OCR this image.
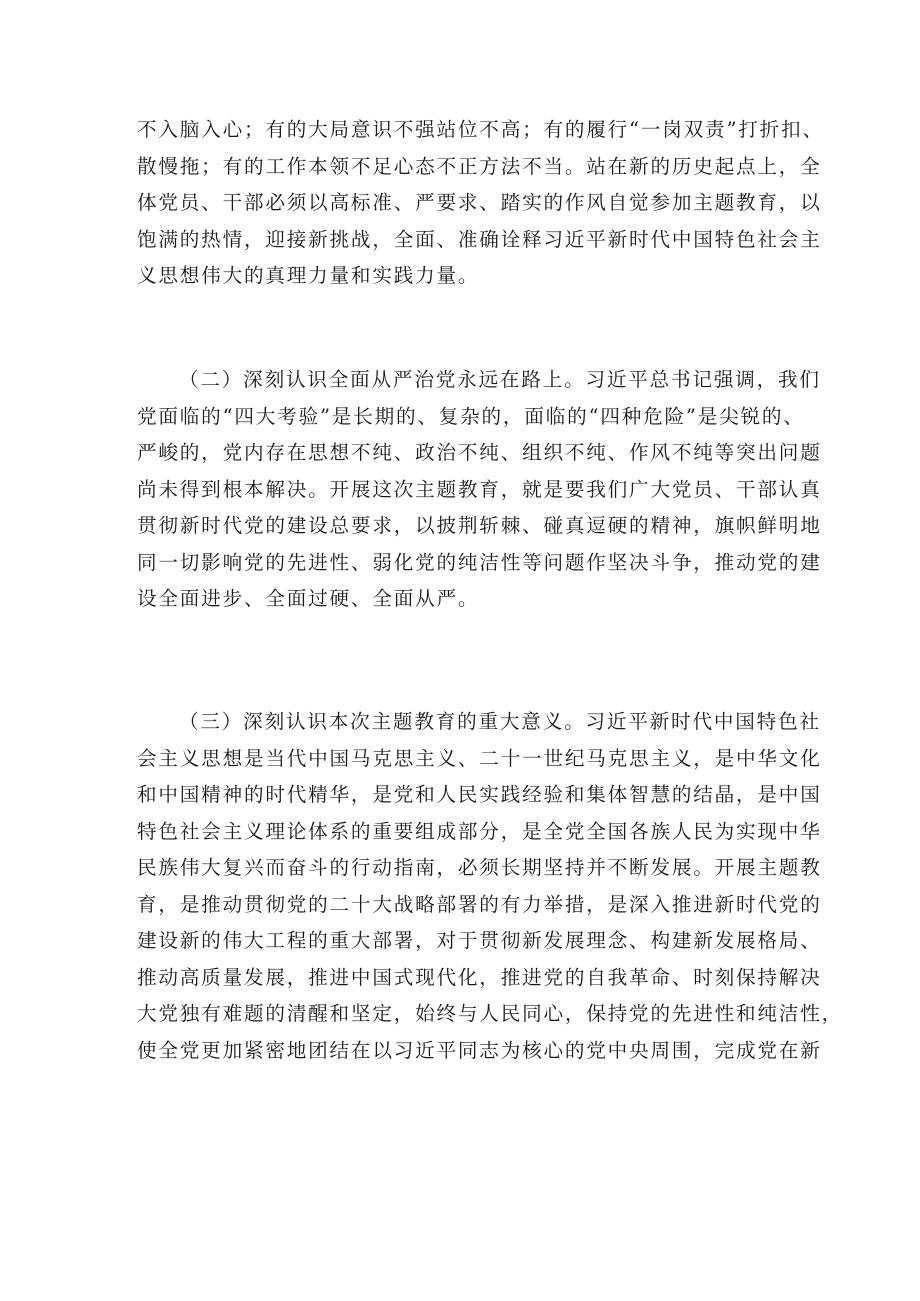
不入脑入心；有的大局意识不强站位不高；有的履行“一岗双责”打折扣、
散慢拖；有的工作本领不足心态不正方法不当。站在新的历史起点上，全
体党员、干部必须以高标准、严要求、踏实的作风自觉参加主题教育，以
饱满的热情，迎接新挑战，全面、准确诠释习近平新时代中国特色社会主
义思想伟大的真理力量和实践力量。
（二）深刻认识全面从严治党永远在路上。习近平总书记强调，我们
党面临的“四大考验”是长期的、复杂的，面临的“四种危险”是尖锐的、
严峻的，党内存在思想不纯、政治不纯、组织不纯、作风不纯等突出问题
尚未得到根本解决。开展这次主题教育，就是要我们广大党员、干部认真
贯彻新时代党的建设总要求，以披荆斩棘、碰真逗硬的精神，旗帜鲜明地
同一切影响党的先进性、弱化党的纯洁性等问题作坚决斗争，推动党的建
设全面进步、全面过硬、全面从严。
（三）深刻认识本次主题教育的重大意义。习近平新时代中国特色社
会主义思想是当代中国马克思主义、二十一世纪马克思主义，是中华文化
和中国精神的时代精华，是党和人民实践经验和集体智慧的结晶，是中国
特色社会主义理论体系的重要组成部分，是全党全国各族人民为实现中华
民族伟大复兴而奋斗的行动指南，必须长期坚持并不断发展。开展主题教
育，是推动贯彻党的二十大战略部署的有力举措，是深入推进新时代党的
建设新的伟大工程的重大部署，对于贯彻新发展理念、构建新发展格局、
推动高质量发展，推进中国式现代化，推进党的自我革命、时刻保持解决
大党独有难题的清醒和坚定，始终与人民同心，保持党的先进性和纯洁性，
使全党更加紧密地团结在以习近平同志为核心的党中央周围，完成党在新
